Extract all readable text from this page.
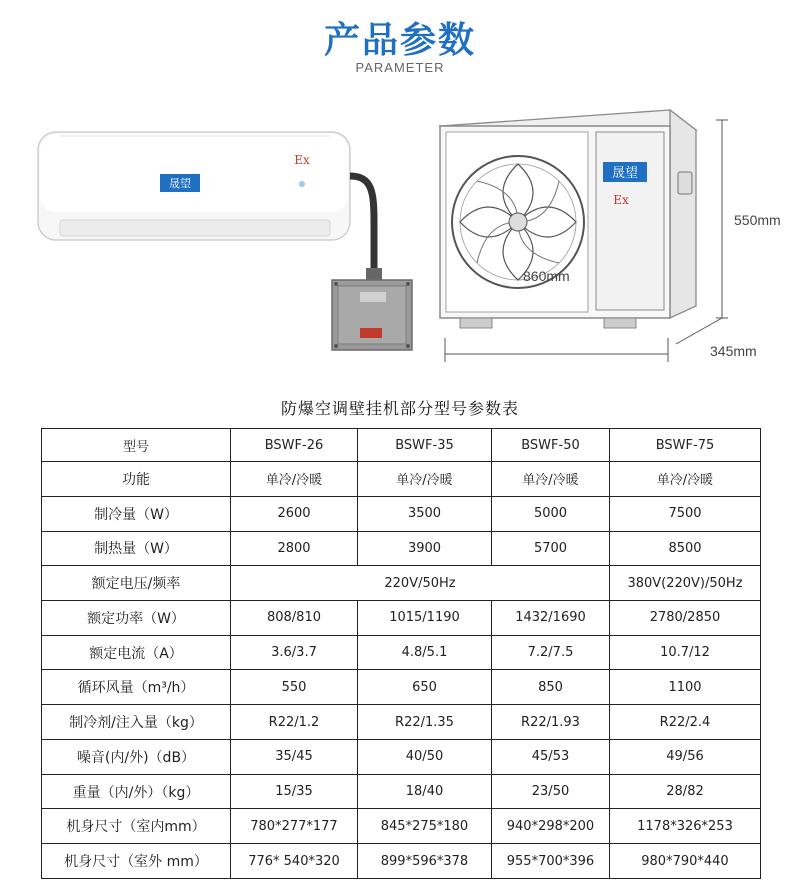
产品参数
PARAMETER
晟望
Ex
晟望
Ex
860mm
550mm
345mm
防爆空调壁挂机部分型号参数表
型号	BSWF-26	BSWF-35	BSWF-50	BSWF-75
功能	单冷/冷暖	单冷/冷暖	单冷/冷暖	单冷/冷暖
制冷量（W）	2600	3500	5000	7500
制热量（W）	2800	3900	5700	8500
额定电压/频率	220V/50Hz			380V(220V)/50Hz
额定功率（W）	808/810	1015/1190	1432/1690	2780/2850
额定电流（A）	3.6/3.7	4.8/5.1	7.2/7.5	10.7/12
循环风量（m³/h）	550	650	850	1100
制冷剂/注入量（kg）	R22/1.2	R22/1.35	R22/1.93	R22/2.4
噪音(内/外)（dB）	35/45	40/50	45/53	49/56
重量（内/外）（kg）	15/35	18/40	23/50	28/82
机身尺寸（室内mm）	780*277*177	845*275*180	940*298*200	1178*326*253
机身尺寸（室外 mm）	776* 540*320	899*596*378	955*700*396	980*790*440
